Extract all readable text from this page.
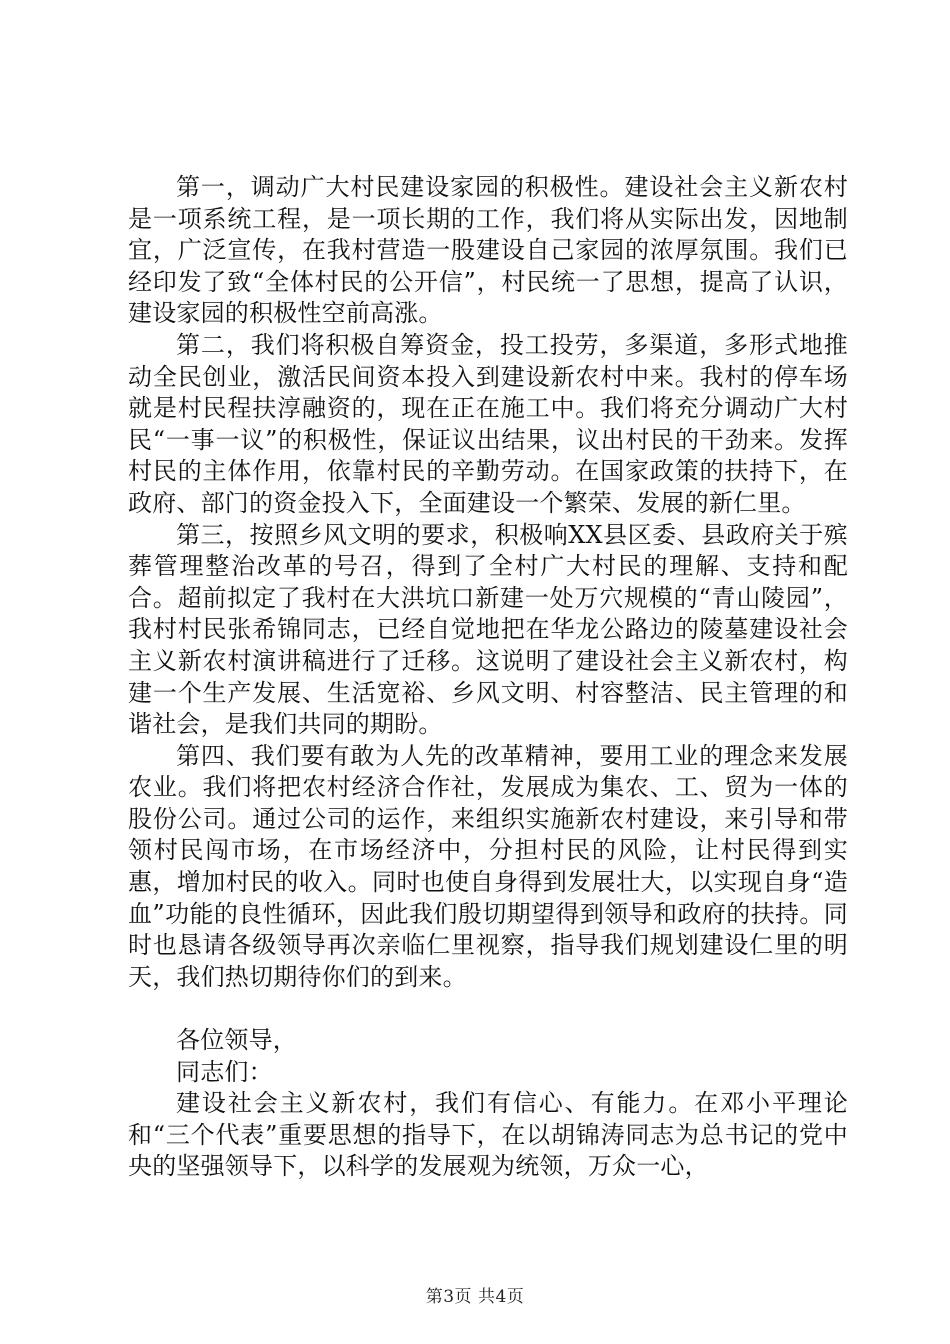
第一，调动广大村民建设家园的积极性。建设社会主义新农村是一项系统工程，是一项长期的工作，我们将从实际出发，因地制宜，广泛宣传，在我村营造一股建设自己家园的浓厚氛围。我们已经印发了致“全体村民的公开信”，村民统一了思想，提高了认识，建设家园的积极性空前高涨。

第二，我们将积极自筹资金，投工投劳，多渠道，多形式地推动全民创业，激活民间资本投入到建设新农村中来。我村的停车场就是村民程扶淳融资的，现在正在施工中。我们将充分调动广大村民“一事一议”的积极性，保证议出结果，议出村民的干劲来。发挥村民的主体作用，依靠村民的辛勤劳动。在国家政策的扶持下，在政府、部门的资金投入下，全面建设一个繁荣、发展的新仁里。

第三，按照乡风文明的要求，积极响XX县区委、县政府关于殡葬管理整治改革的号召，得到了全村广大村民的理解、支持和配合。超前拟定了我村在大洪坑口新建一处万穴规模的“青山陵园”，我村村民张希锦同志，已经自觉地把在华龙公路边的陵墓建设社会主义新农村演讲稿进行了迁移。这说明了建设社会主义新农村，构建一个生产发展、生活宽裕、乡风文明、村容整洁、民主管理的和谐社会，是我们共同的期盼。

第四、我们要有敢为人先的改革精神，要用工业的理念来发展农业。我们将把农村经济合作社，发展成为集农、工、贸为一体的股份公司。通过公司的运作，来组织实施新农村建设，来引导和带领村民闯市场，在市场经济中，分担村民的风险，让村民得到实惠，增加村民的收入。同时也使自身得到发展壮大，以实现自身“造血”功能的良性循环，因此我们殷切期望得到领导和政府的扶持。同时也恳请各级领导再次亲临仁里视察，指导我们规划建设仁里的明天，我们热切期待你们的到来。

各位领导，

同志们：

建设社会主义新农村，我们有信心、有能力。在邓小平理论和“三个代表”重要思想的指导下，在以胡锦涛同志为总书记的党中央的坚强领导下，以科学的发展观为统领，万众一心，

第3页 共4页
